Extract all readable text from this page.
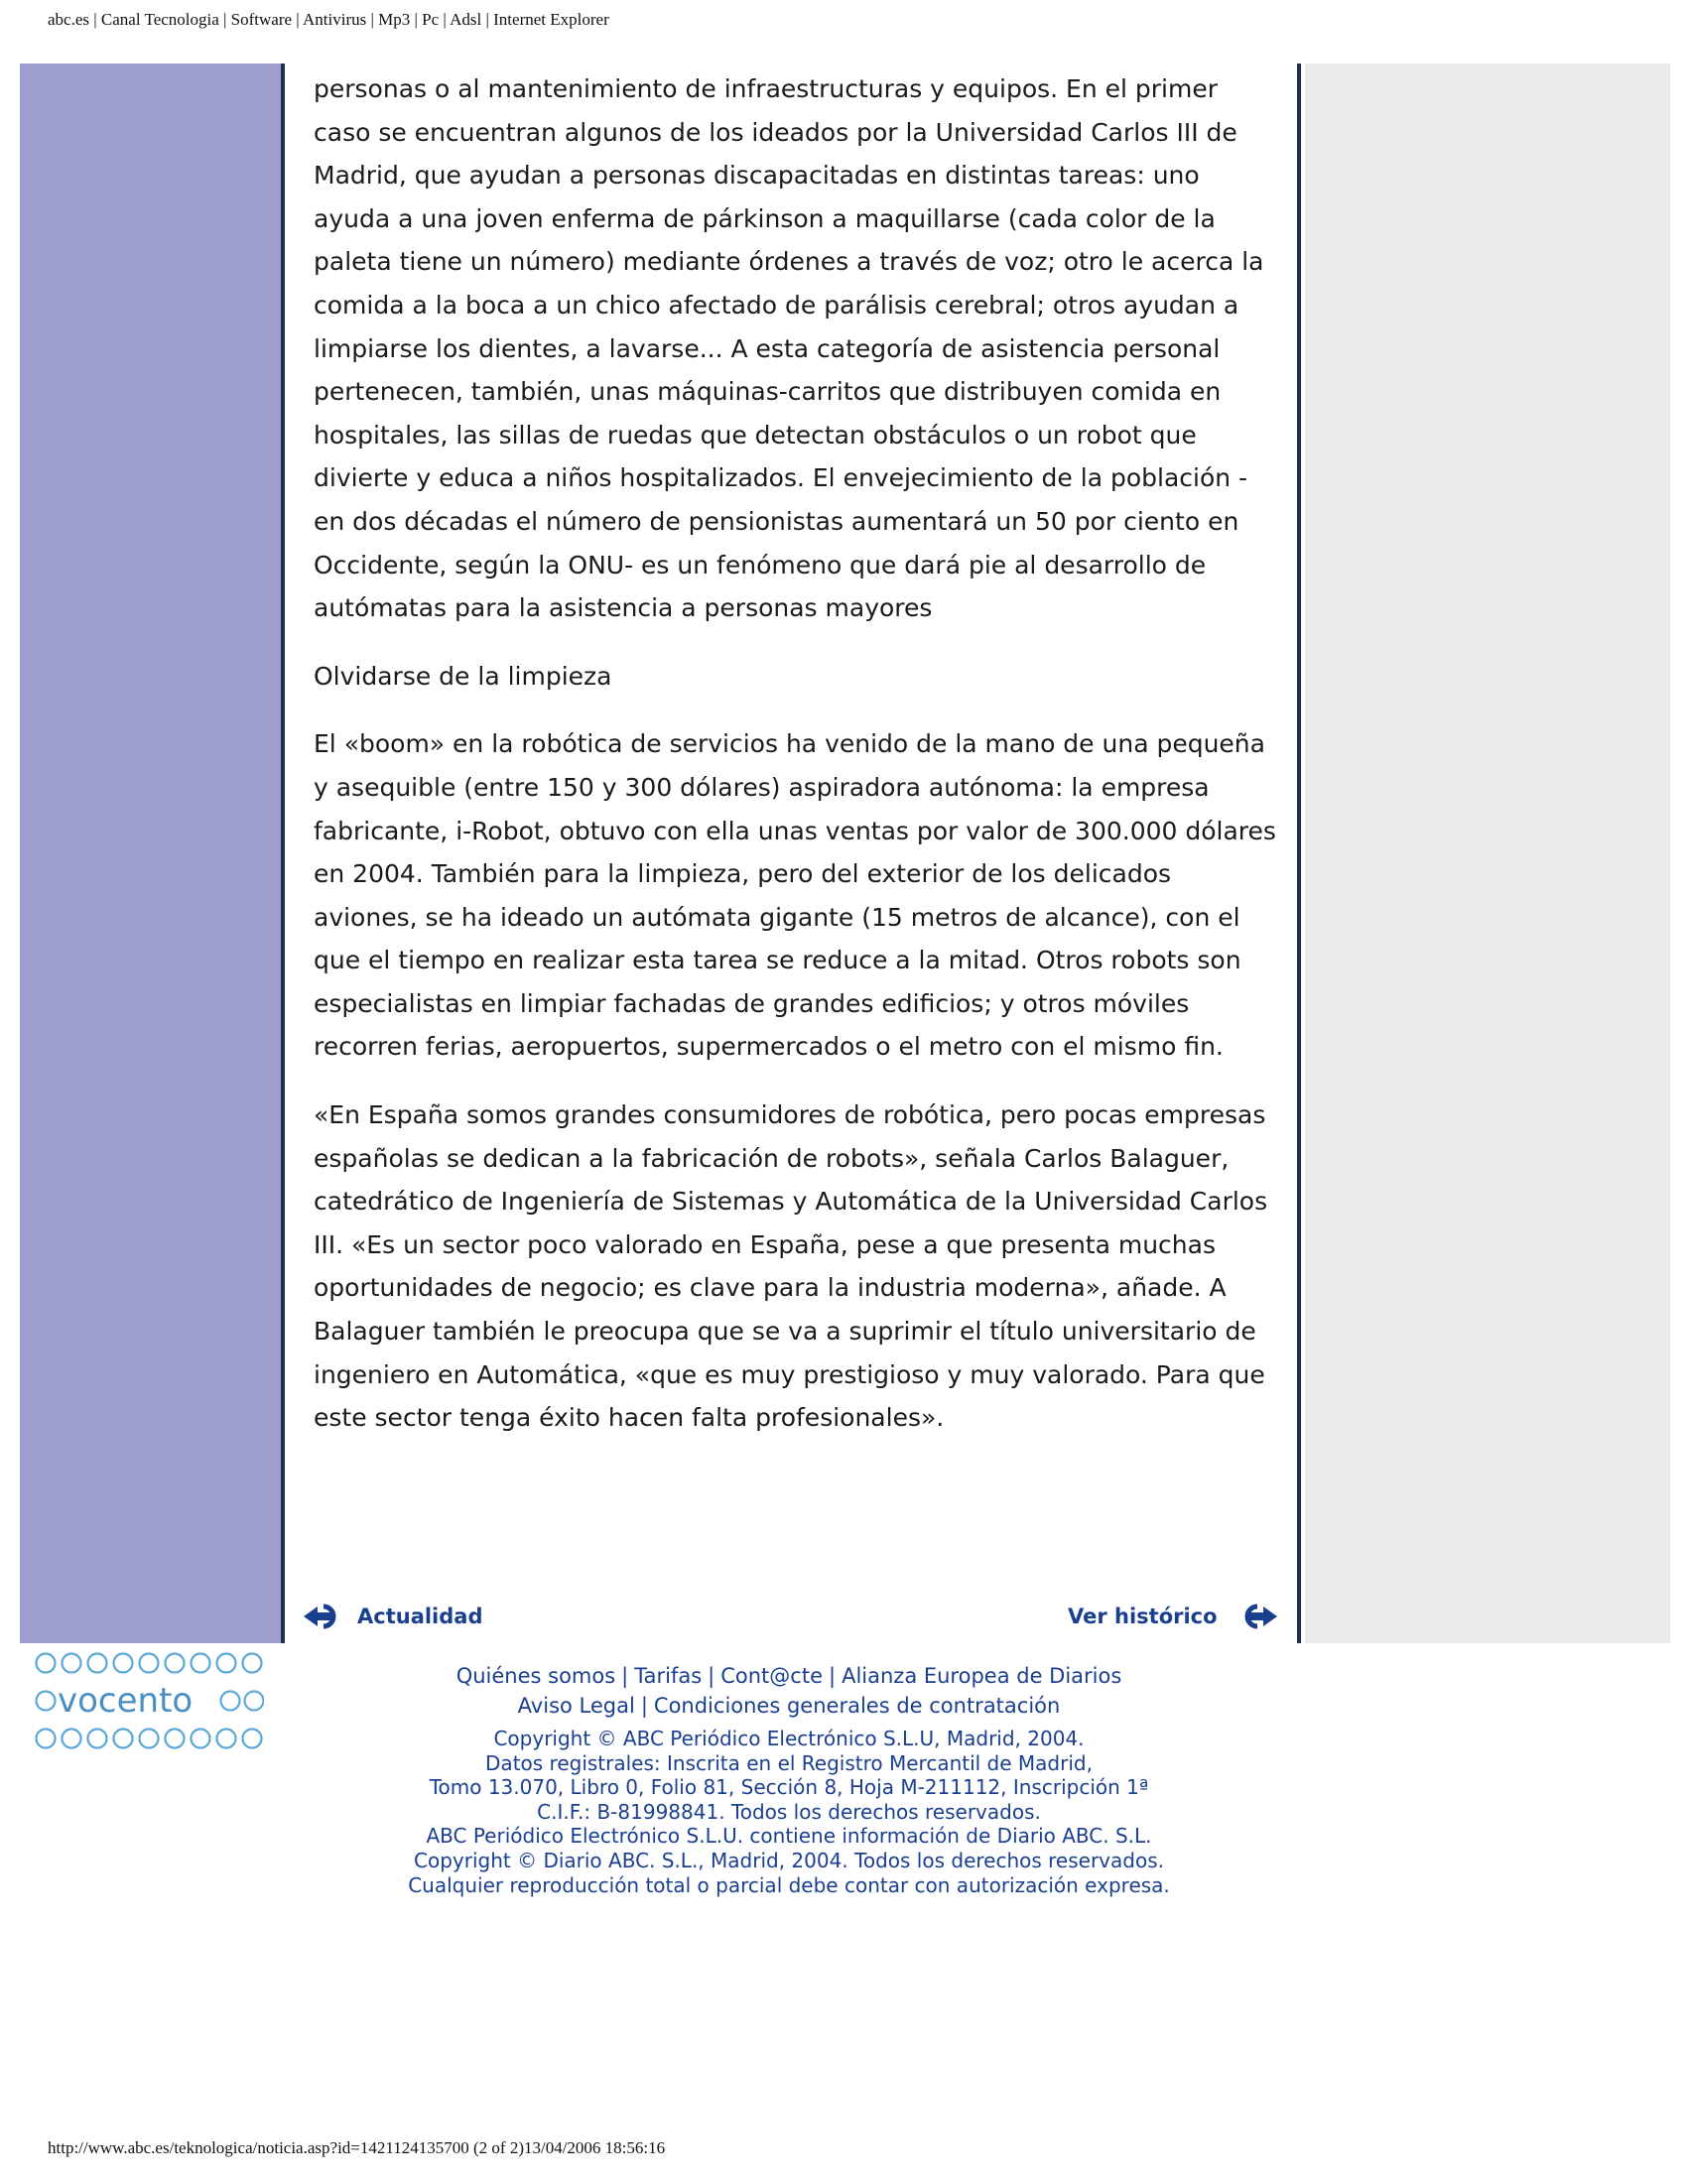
abc.es | Canal Tecnologia | Software | Antivirus | Mp3 | Pc | Adsl | Internet Explorer

personas o al mantenimiento de infraestructuras y equipos. En el primer caso se encuentran algunos de los ideados por la Universidad Carlos III de Madrid, que ayudan a personas discapacitadas en distintas tareas: uno ayuda a una joven enferma de párkinson a maquillarse (cada color de la paleta tiene un número) mediante órdenes a través de voz; otro le acerca la comida a la boca a un chico afectado de parálisis cerebral; otros ayudan a limpiarse los dientes, a lavarse... A esta categoría de asistencia personal pertenecen, también, unas máquinas-carritos que distribuyen comida en hospitales, las sillas de ruedas que detectan obstáculos o un robot que divierte y educa a niños hospitalizados. El envejecimiento de la población -en dos décadas el número de pensionistas aumentará un 50 por ciento en Occidente, según la ONU- es un fenómeno que dará pie al desarrollo de autómatas para la asistencia a personas mayores

Olvidarse de la limpieza

El «boom» en la robótica de servicios ha venido de la mano de una pequeña y asequible (entre 150 y 300 dólares) aspiradora autónoma: la empresa fabricante, i-Robot, obtuvo con ella unas ventas por valor de 300.000 dólares en 2004. También para la limpieza, pero del exterior de los delicados aviones, se ha ideado un autómata gigante (15 metros de alcance), con el que el tiempo en realizar esta tarea se reduce a la mitad. Otros robots son especialistas en limpiar fachadas de grandes edificios; y otros móviles recorren ferias, aeropuertos, supermercados o el metro con el mismo fin.

«En España somos grandes consumidores de robótica, pero pocas empresas españolas se dedican a la fabricación de robots», señala Carlos Balaguer, catedrático de Ingeniería de Sistemas y Automática de la Universidad Carlos III. «Es un sector poco valorado en España, pese a que presenta muchas oportunidades de negocio; es clave para la industria moderna», añade. A Balaguer también le preocupa que se va a suprimir el título universitario de ingeniero en Automática, «que es muy prestigioso y muy valorado. Para que este sector tenga éxito hacen falta profesionales».

Actualidad	Ver histórico
vocento
Quiénes somos | Tarifas | Cont@cte | Alianza Europea de Diarios
Aviso Legal | Condiciones generales de contratación
Copyright © ABC Periódico Electrónico S.L.U, Madrid, 2004.
Datos registrales: Inscrita en el Registro Mercantil de Madrid,
Tomo 13.070, Libro 0, Folio 81, Sección 8, Hoja M-211112, Inscripción 1ª
C.I.F.: B-81998841. Todos los derechos reservados.
ABC Periódico Electrónico S.L.U. contiene información de Diario ABC. S.L.
Copyright © Diario ABC. S.L., Madrid, 2004. Todos los derechos reservados.
Cualquier reproducción total o parcial debe contar con autorización expresa.
http://www.abc.es/teknologica/noticia.asp?id=1421124135700 (2 of 2)13/04/2006 18:56:16
